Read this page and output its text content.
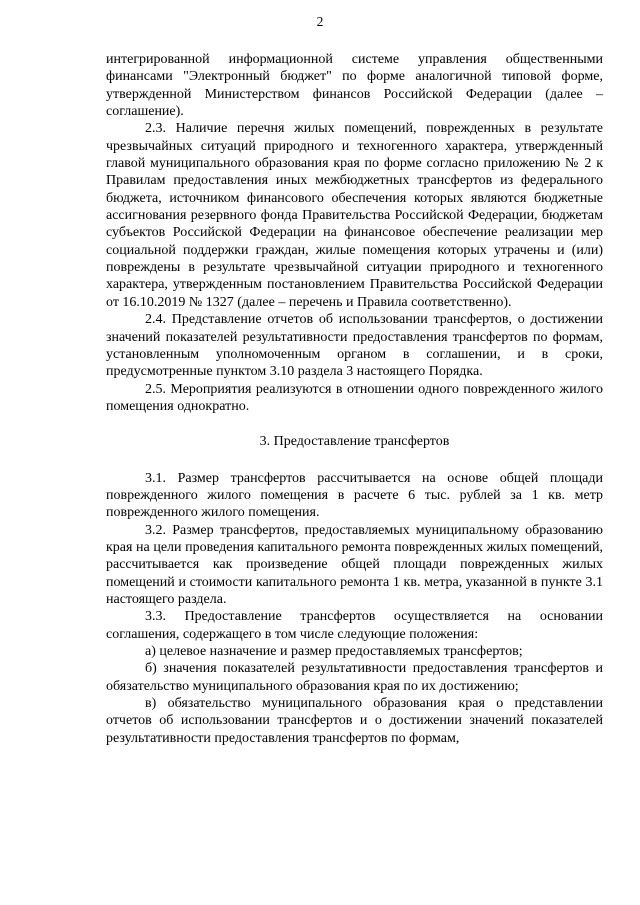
2

интегрированной информационной системе управления общественными финансами "Электронный бюджет" по форме аналогичной типовой форме, утвержденной Министерством финансов Российской Федерации (далее – соглашение).

2.3. Наличие перечня жилых помещений, поврежденных в результате чрезвычайных ситуаций природного и техногенного характера, утвержденный главой муниципального образования края по форме согласно приложению № 2 к Правилам предоставления иных межбюджетных трансфертов из федерального бюджета, источником финансового обеспечения которых являются бюджетные ассигнования резервного фонда Правительства Российской Федерации, бюджетам субъектов Российской Федерации на финансовое обеспечение реализации мер социальной поддержки граждан, жилые помещения которых утрачены и (или) повреждены в результате чрезвычайной ситуации природного и техногенного характера, утвержденным постановлением Правительства Российской Федерации от 16.10.2019 № 1327 (далее – перечень и Правила соответственно).

2.4. Представление отчетов об использовании трансфертов, о достижении значений показателей результативности предоставления трансфертов по формам, установленным уполномоченным органом в соглашении, и в сроки, предусмотренные пунктом 3.10 раздела 3 настоящего Порядка.

2.5. Мероприятия реализуются в отношении одного поврежденного жилого помещения однократно.

3. Предоставление трансфертов

3.1. Размер трансфертов рассчитывается на основе общей площади поврежденного жилого помещения в расчете 6 тыс. рублей за 1 кв. метр поврежденного жилого помещения.

3.2. Размер трансфертов, предоставляемых муниципальному образованию края на цели проведения капитального ремонта поврежденных жилых помещений, рассчитывается как произведение общей площади поврежденных жилых помещений и стоимости капитального ремонта 1 кв. метра, указанной в пункте 3.1 настоящего раздела.

3.3. Предоставление трансфертов осуществляется на основании соглашения, содержащего в том числе следующие положения:

а) целевое назначение и размер предоставляемых трансфертов;

б) значения показателей результативности предоставления трансфертов и обязательство муниципального образования края по их достижению;

в) обязательство муниципального образования края о представлении отчетов об использовании трансфертов и о достижении значений показателей результативности предоставления трансфертов по формам,
